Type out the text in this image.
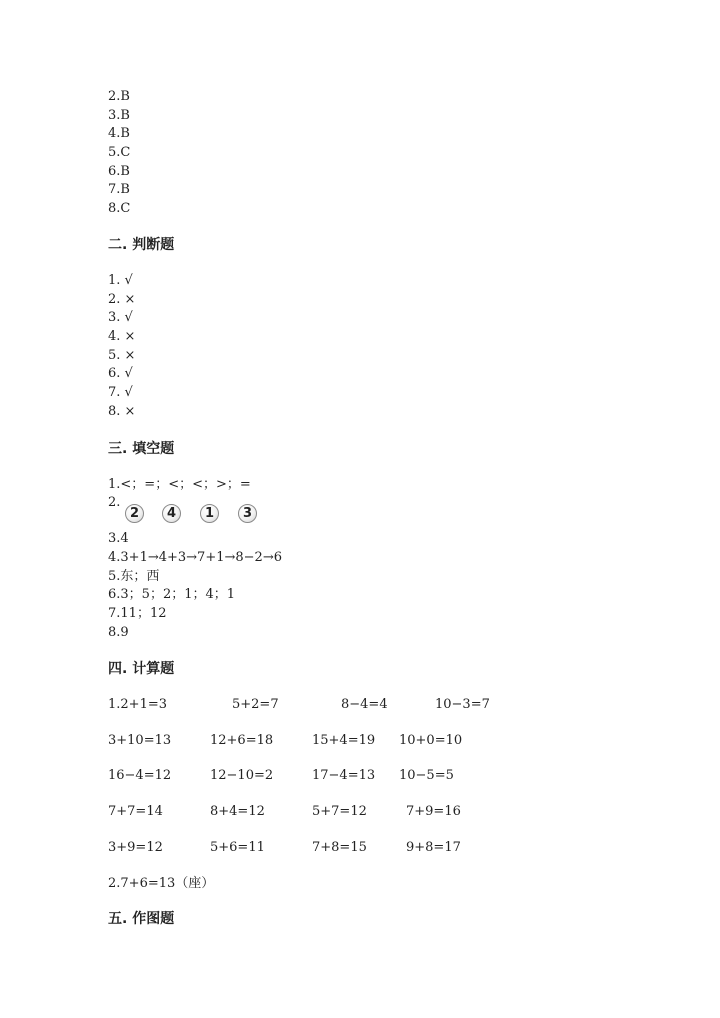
2.B
3.B
4.B
5.C
6.B
7.B
8.C
二. 判断题
1. √
2. ×
3. √
4. ×
5. ×
6. √
7. √
8. ×
三. 填空题
1.<；=；<；<；>；=
2.
2	4	1	3
3.4
4.3+1→4+3→7+1→8−2→6
5.东；西
6.3；5；2；1；4；1
7.11；12
8.9
四. 计算题
1.2+1=3	5+2=7	8−4=4	10−3=7
3+10=13	12+6=18	15+4=19 10+0=10
16−4=12	12−10=2	17−4=13 10−5=5
7+7=14	8+4=12	5+7=12	7+9=16
3+9=12	5+6=11	7+8=15	9+8=17
2.7+6=13（座）
五. 作图题
